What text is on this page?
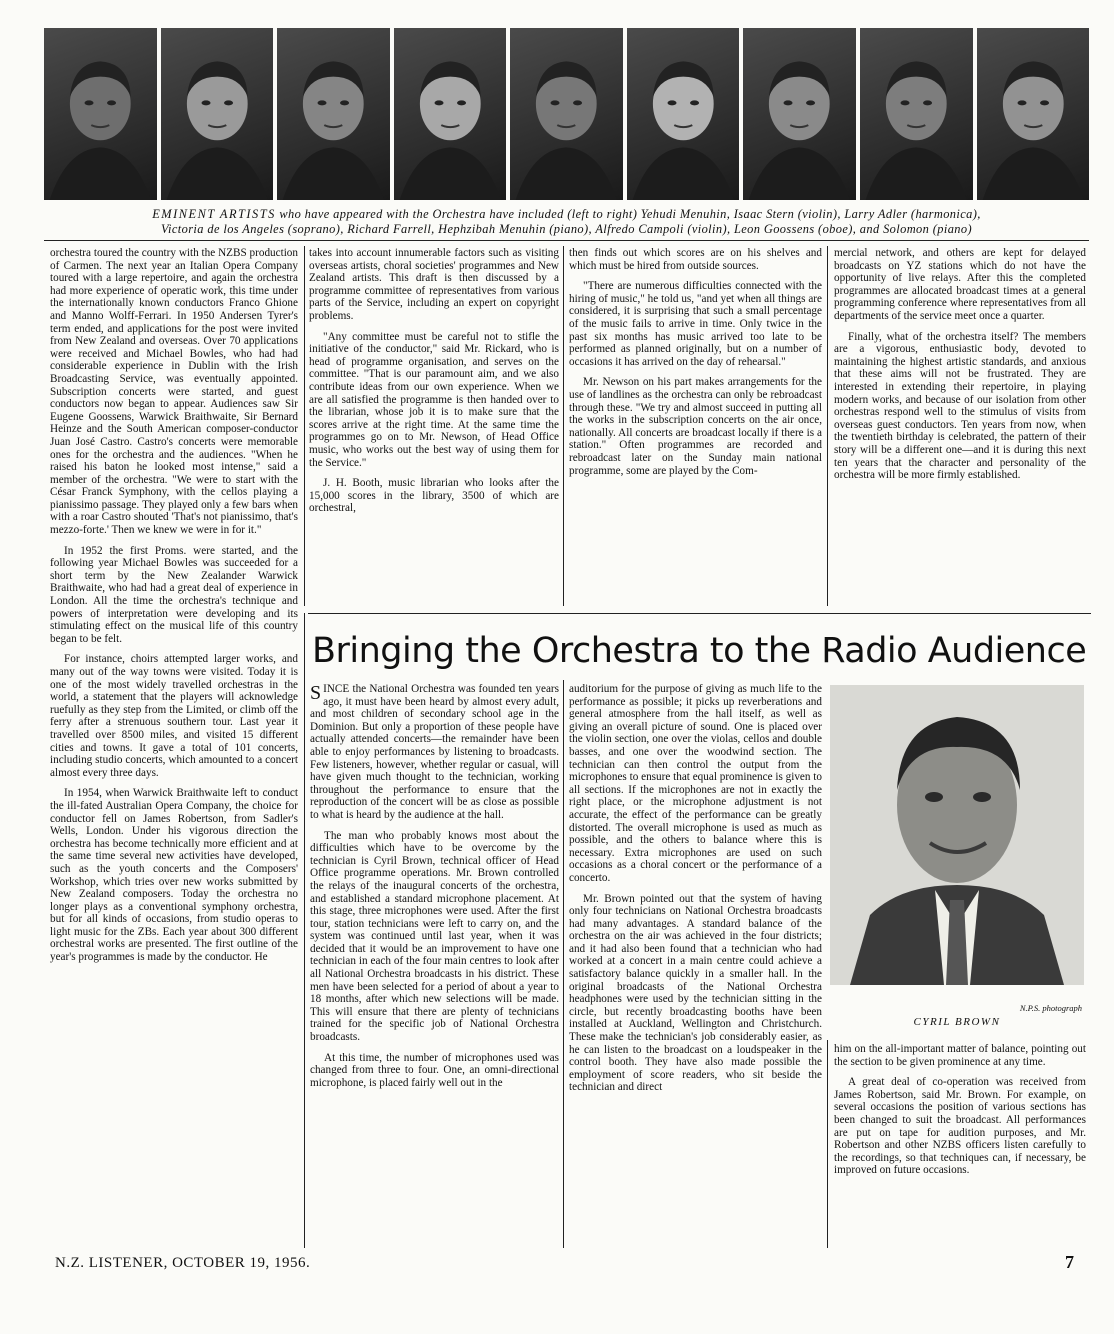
EMINENT ARTISTS who have appeared with the Orchestra have included (left to right) Yehudi Menuhin, Isaac Stern (violin), Larry Adler (harmonica),
Victoria de los Angeles (soprano), Richard Farrell, Hephzibah Menuhin (piano), Alfredo Campoli (violin), Leon Goossens (oboe), and Solomon (piano)

orchestra toured the country with the NZBS production of Carmen. The next year an Italian Opera Company toured with a large repertoire, and again the orchestra had more experience of operatic work, this time under the internationally known conductors Franco Ghione and Manno Wolff-Ferrari. In 1950 Andersen Tyrer's term ended, and applications for the post were invited from New Zealand and overseas. Over 70 applications were received and Michael Bowles, who had had considerable experience in Dublin with the Irish Broadcasting Service, was eventually appointed. Subscription concerts were started, and guest conductors now began to appear. Audiences saw Sir Eugene Goossens, Warwick Braithwaite, Sir Bernard Heinze and the South American composer-conductor Juan José Castro. Castro's concerts were memorable ones for the orchestra and the audiences. "When he raised his baton he looked most intense," said a member of the orchestra. "We were to start with the César Franck Symphony, with the cellos playing a pianissimo passage. They played only a few bars when with a roar Castro shouted 'That's not pianissimo, that's mezzo-forte.' Then we knew we were in for it."

In 1952 the first Proms. were started, and the following year Michael Bowles was succeeded for a short term by the New Zealander Warwick Braithwaite, who had had a great deal of experience in London. All the time the orchestra's technique and powers of interpretation were developing and its stimulating effect on the musical life of this country began to be felt.

For instance, choirs attempted larger works, and many out of the way towns were visited. Today it is one of the most widely travelled orchestras in the world, a statement that the players will acknowledge ruefully as they step from the Limited, or climb off the ferry after a strenuous southern tour. Last year it travelled over 8500 miles, and visited 15 different cities and towns. It gave a total of 101 concerts, including studio concerts, which amounted to a concert almost every three days.

In 1954, when Warwick Braithwaite left to conduct the ill-fated Australian Opera Company, the choice for conductor fell on James Robertson, from Sadler's Wells, London. Under his vigorous direction the orchestra has become technically more efficient and at the same time several new activities have developed, such as the youth concerts and the Composers' Workshop, which tries over new works submitted by New Zealand composers. Today the orchestra no longer plays as a conventional symphony orchestra, but for all kinds of occasions, from studio operas to light music for the ZBs. Each year about 300 different orchestral works are presented. The first outline of the year's programmes is made by the conductor. He

takes into account innumerable factors such as visiting overseas artists, choral societies' programmes and New Zealand artists. This draft is then discussed by a programme committee of representatives from various parts of the Service, including an expert on copyright problems.

"Any committee must be careful not to stifle the initiative of the conductor," said Mr. Rickard, who is head of programme organisation, and serves on the committee. "That is our paramount aim, and we also contribute ideas from our own experience. When we are all satisfied the programme is then handed over to the librarian, whose job it is to make sure that the scores arrive at the right time. At the same time the programmes go on to Mr. Newson, of Head Office music, who works out the best way of using them for the Service."

J. H. Booth, music librarian who looks after the 15,000 scores in the library, 3500 of which are orchestral,

then finds out which scores are on his shelves and which must be hired from outside sources.

"There are numerous difficulties connected with the hiring of music," he told us, "and yet when all things are considered, it is surprising that such a small percentage of the music fails to arrive in time. Only twice in the past six months has music arrived too late to be performed as planned originally, but on a number of occasions it has arrived on the day of rehearsal."

Mr. Newson on his part makes arrangements for the use of landlines as the orchestra can only be rebroadcast through these. "We try and almost succeed in putting all the works in the subscription concerts on the air once, nationally. All concerts are broadcast locally if there is a station." Often programmes are recorded and rebroadcast later on the Sunday main national programme, some are played by the Com-

mercial network, and others are kept for delayed broadcasts on YZ stations which do not have the opportunity of live relays. After this the completed programmes are allocated broadcast times at a general programming conference where representatives from all departments of the service meet once a quarter.

Finally, what of the orchestra itself? The members are a vigorous, enthusiastic body, devoted to maintaining the highest artistic standards, and anxious that these aims will not be frustrated. They are interested in extending their repertoire, in playing modern works, and because of our isolation from other orchestras respond well to the stimulus of visits from overseas guest conductors. Ten years from now, when the twentieth birthday is celebrated, the pattern of their story will be a different one—and it is during this next ten years that the character and personality of the orchestra will be more firmly established.

Bringing the Orchestra to the Radio Audience

SINCE the National Orchestra was founded ten years ago, it must have been heard by almost every adult, and most children of secondary school age in the Dominion. But only a proportion of these people have actually attended concerts—the remainder have been able to enjoy performances by listening to broadcasts. Few listeners, however, whether regular or casual, will have given much thought to the technician, working throughout the performance to ensure that the reproduction of the concert will be as close as possible to what is heard by the audience at the hall.

The man who probably knows most about the difficulties which have to be overcome by the technician is Cyril Brown, technical officer of Head Office programme operations. Mr. Brown controlled the relays of the inaugural concerts of the orchestra, and established a standard microphone placement. At this stage, three microphones were used. After the first tour, station technicians were left to carry on, and the system was continued until last year, when it was decided that it would be an improvement to have one technician in each of the four main centres to look after all National Orchestra broadcasts in his district. These men have been selected for a period of about a year to 18 months, after which new selections will be made. This will ensure that there are plenty of technicians trained for the specific job of National Orchestra broadcasts.

At this time, the number of microphones used was changed from three to four. One, an omni-directional microphone, is placed fairly well out in the

auditorium for the purpose of giving as much life to the performance as possible; it picks up reverberations and general atmosphere from the hall itself, as well as giving an overall picture of sound. One is placed over the violin section, one over the violas, cellos and double basses, and one over the woodwind section. The technician can then control the output from the microphones to ensure that equal prominence is given to all sections. If the microphones are not in exactly the right place, or the microphone adjustment is not accurate, the effect of the performance can be greatly distorted. The overall microphone is used as much as possible, and the others to balance where this is necessary. Extra microphones are used on such occasions as a choral concert or the performance of a concerto.

Mr. Brown pointed out that the system of having only four technicians on National Orchestra broadcasts had many advantages. A standard balance of the orchestra on the air was achieved in the four districts; and it had also been found that a technician who had worked at a concert in a main centre could achieve a satisfactory balance quickly in a smaller hall. In the original broadcasts of the National Orchestra headphones were used by the technician sitting in the circle, but recently broadcasting booths have been installed at Auckland, Wellington and Christchurch. These make the technician's job considerably easier, as he can listen to the broadcast on a loudspeaker in the control booth. They have also made possible the employment of score readers, who sit beside the technician and direct

him on the all-important matter of balance, pointing out the section to be given prominence at any time.

A great deal of co-operation was received from James Robertson, said Mr. Brown. For example, on several occasions the position of various sections has been changed to suit the broadcast. All performances are put on tape for audition purposes, and Mr. Robertson and other NZBS officers listen carefully to the recordings, so that techniques can, if necessary, be improved on future occasions.

N.P.S. photograph
CYRIL BROWN
N.Z. LISTENER, OCTOBER 19, 1956.	7
